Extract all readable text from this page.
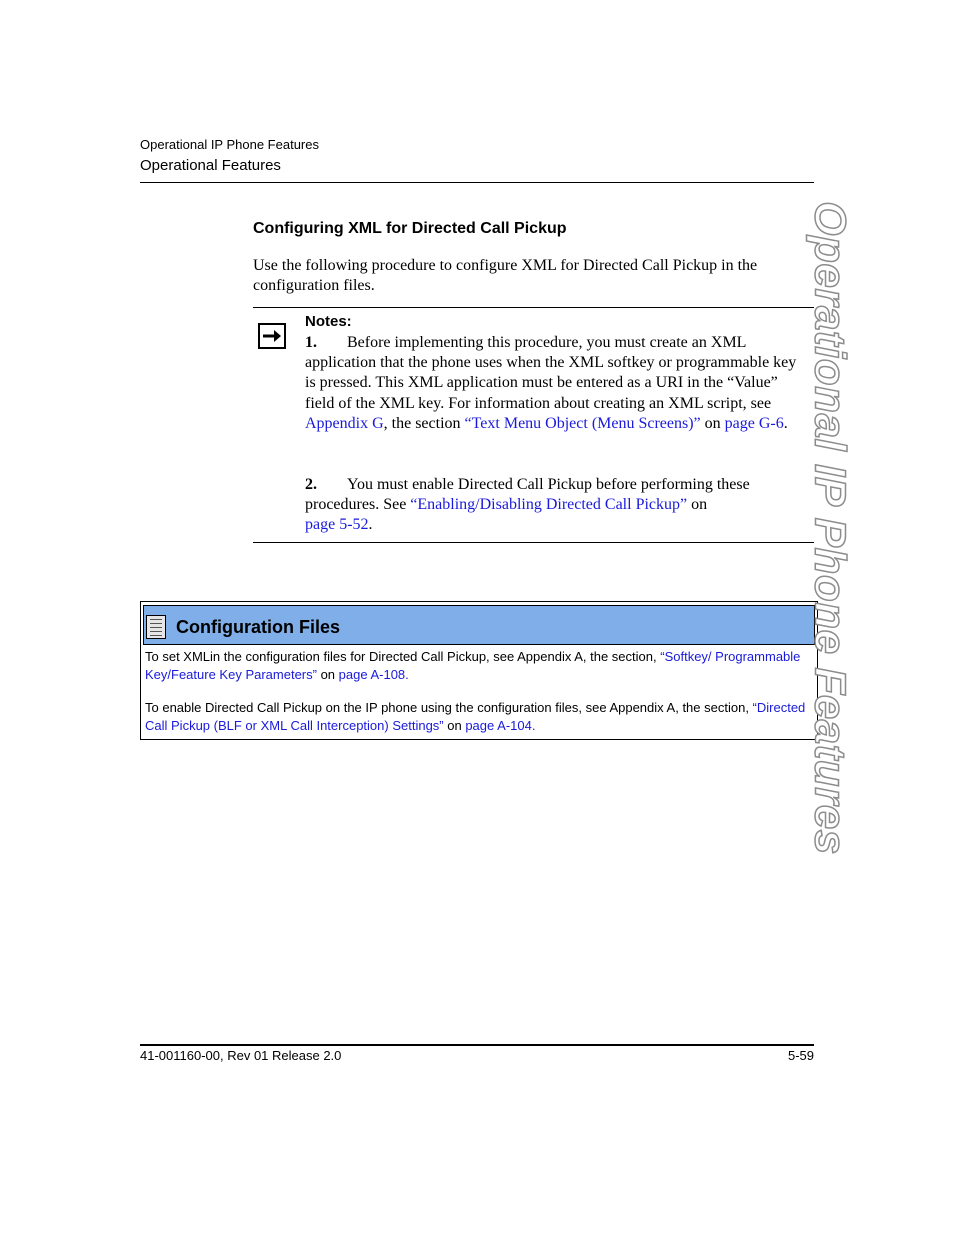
Operational IP Phone Features
Operational Features
Configuring XML for Directed Call Pickup
Use the following procedure to configure XML for Directed Call Pickup in the configuration files.
Notes:
1. Before implementing this procedure, you must create an XML application that the phone uses when the XML softkey or programmable key is pressed. This XML application must be entered as a URI in the “Value” field of the XML key. For information about creating an XML script, see Appendix G, the section “Text Menu Object (Menu Screens)” on page G-6.
2. You must enable Directed Call Pickup before performing these procedures. See “Enabling/Disabling Directed Call Pickup” on
page 5-52.
Configuration Files
To set XMLin the configuration files for Directed Call Pickup, see Appendix A, the section, “Softkey/ Programmable Key/Feature Key Parameters” on page A-108.
To enable Directed Call Pickup on the IP phone using the configuration files, see Appendix A, the section, “Directed Call Pickup (BLF or XML Call Interception) Settings” on page A-104.	Operational IP Phone Features
41-001160-00, Rev 01 Release 2.0	5-59
